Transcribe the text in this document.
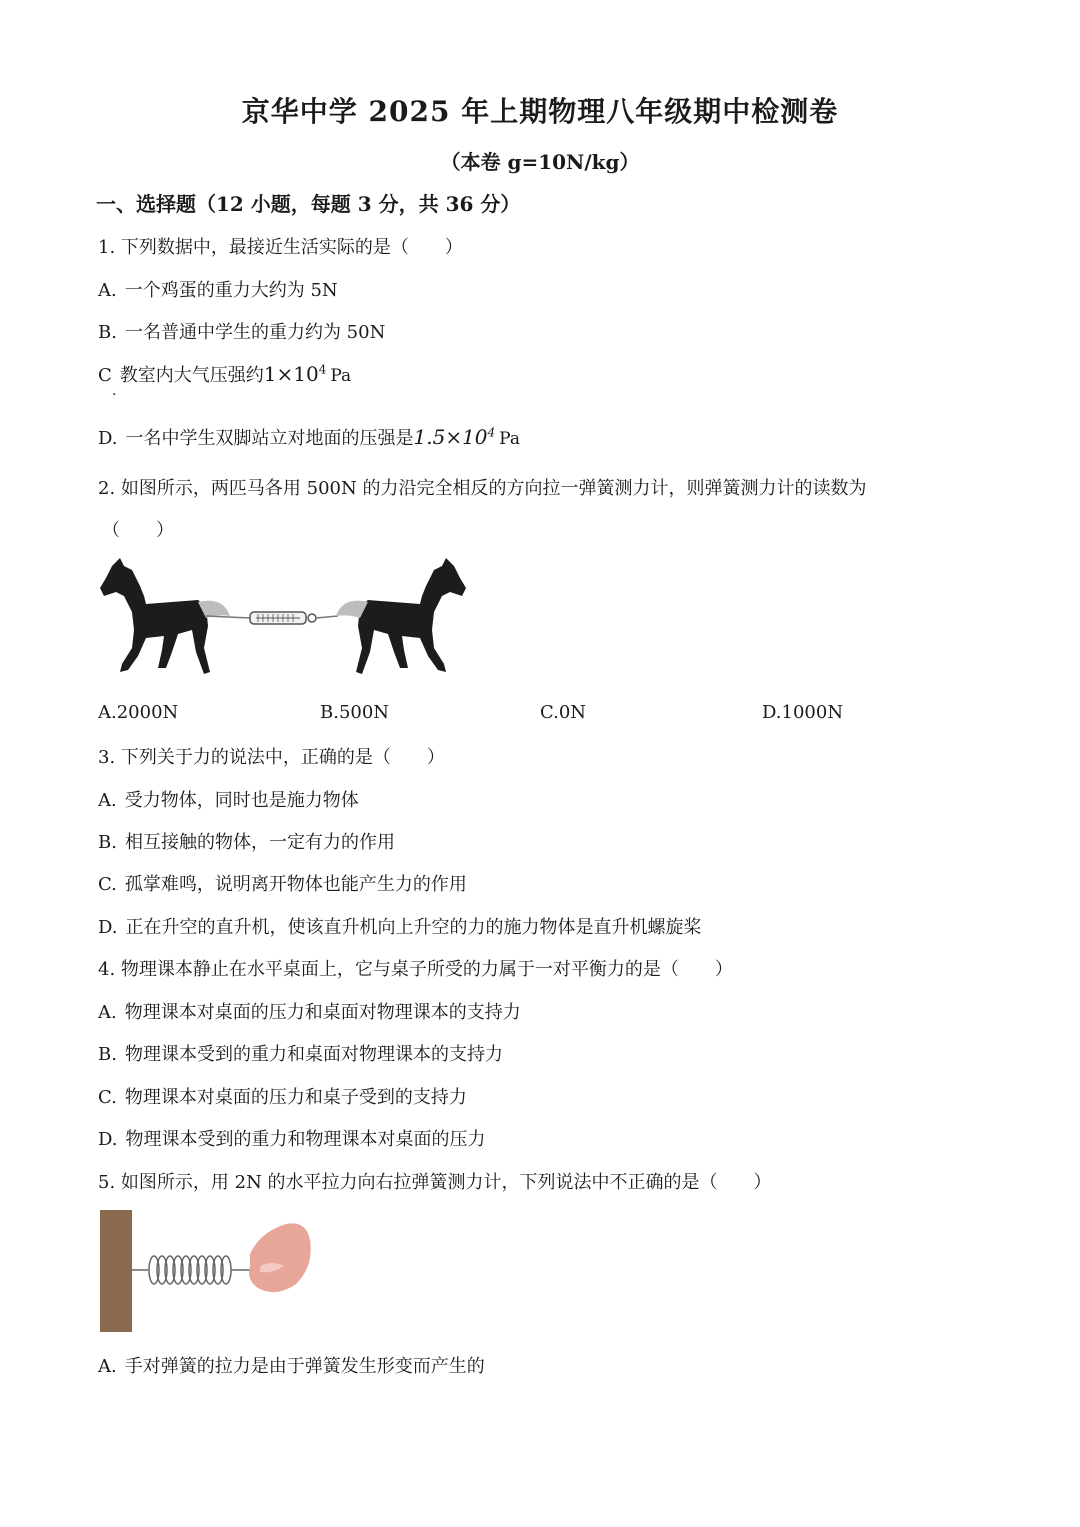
京华中学 2025 年上期物理八年级期中检测卷
（本卷 g=10N/kg）
一、选择题（12 小题，每题 3 分，共 36 分）
1. 下列数据中，最接近生活实际的是（　　）
A. 一个鸡蛋的重力大约为 5N
B. 一名普通中学生的重力约为 50N
C 教室内大气压强约$1\times 10^4$ Pa
·
D. 一名中学生双脚站立对地面的压强是$1.5\times 10^4$ Pa
2. 如图所示，两匹马各用 500N 的力沿完全相反的方向拉一弹簧测力计，则弹簧测力计的读数为
（　　）
A.2000N	B.500N	C.0N	D.1000N
3. 下列关于力的说法中，正确的是（　　）
A. 受力物体，同时也是施力物体
B. 相互接触的物体，一定有力的作用
C. 孤掌难鸣，说明离开物体也能产生力的作用
D. 正在升空的直升机，使该直升机向上升空的力的施力物体是直升机螺旋桨
4. 物理课本静止在水平桌面上，它与桌子所受的力属于一对平衡力的是（　　）
A. 物理课本对桌面的压力和桌面对物理课本的支持力
B. 物理课本受到的重力和桌面对物理课本的支持力
C. 物理课本对桌面的压力和桌子受到的支持力
D. 物理课本受到的重力和物理课本对桌面的压力
5. 如图所示，用 2N 的水平拉力向右拉弹簧测力计，下列说法中不正确的是（　　）
A. 手对弹簧的拉力是由于弹簧发生形变而产生的
